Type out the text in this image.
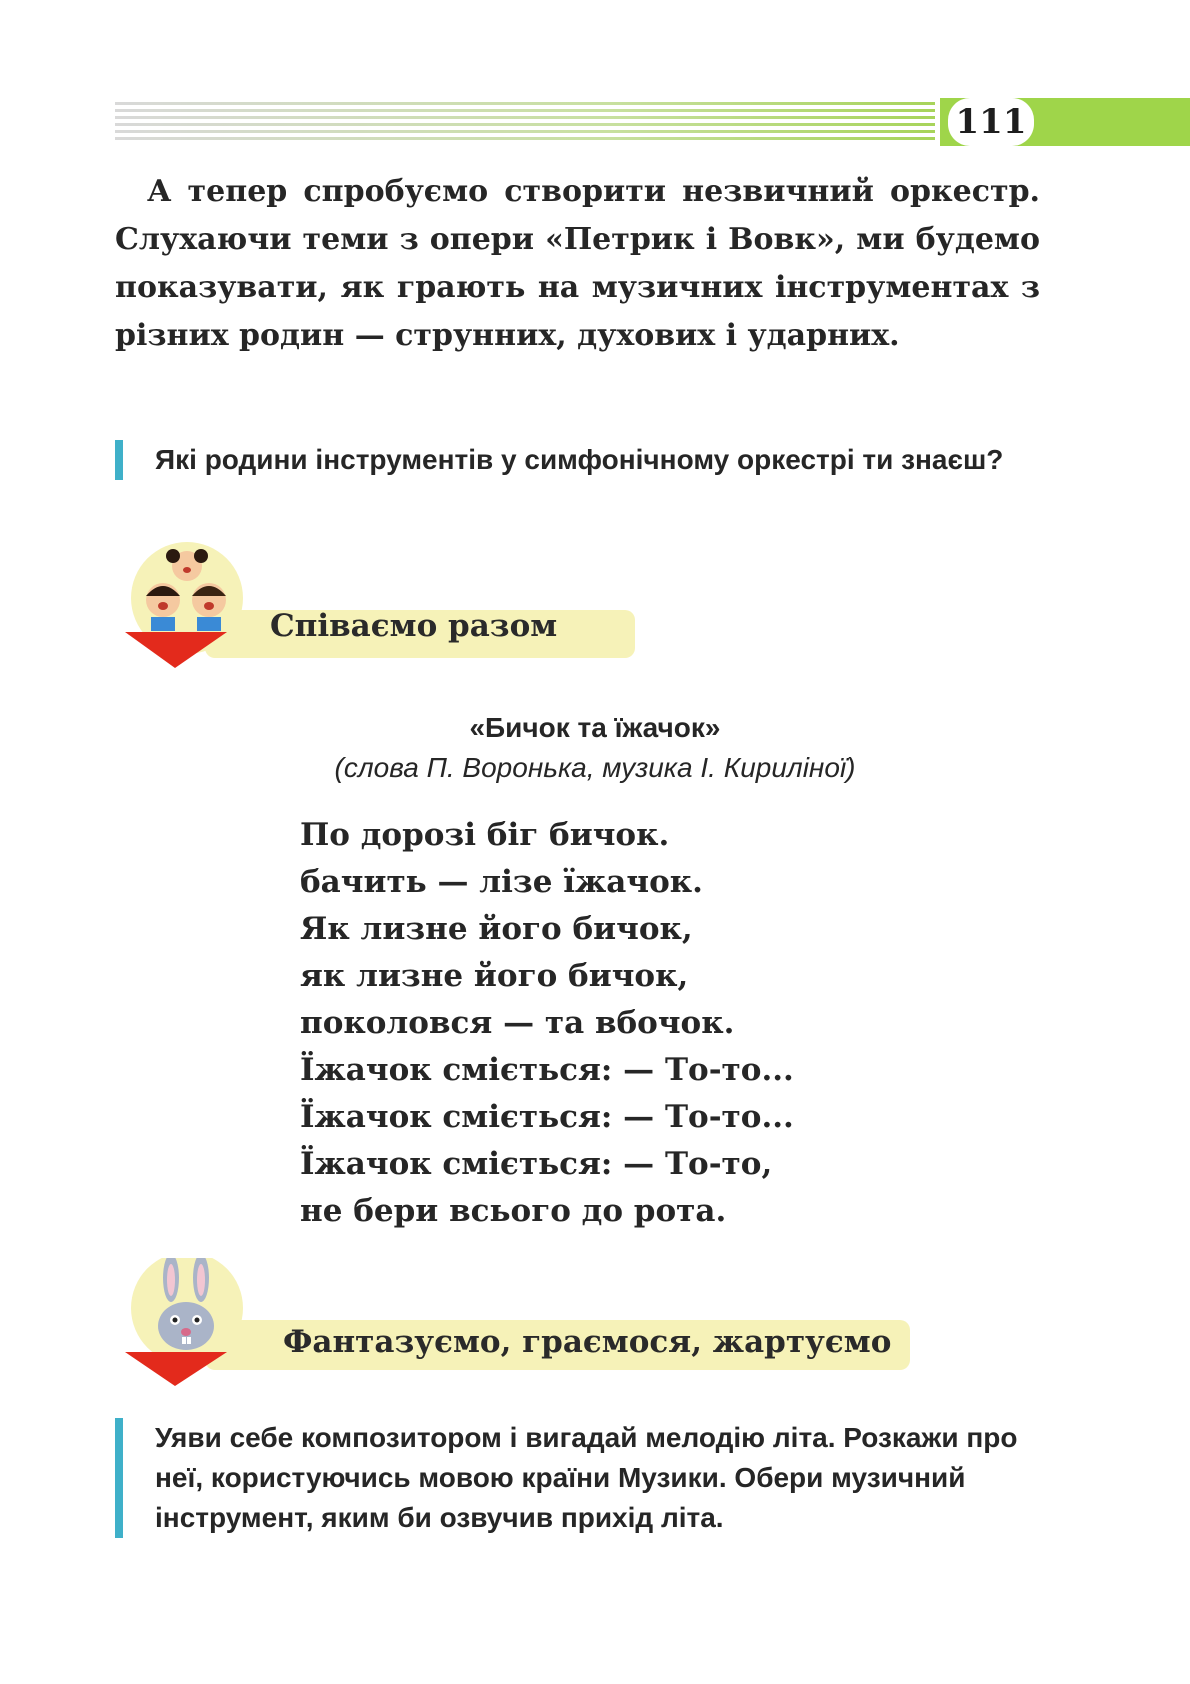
111

А тепер спробуємо створити незвичний оркестр. Слухаючи теми з опери «Петрик і Вовк», ми будемо показувати, як грають на музичних інструментах з різних родин — струнних, духових і ударних.

Які родини інструментів у симфонічному оркестрі ти знаєш?
Співаємо разом
«Бичок та їжачок»
(слова П. Воронька, музика І. Кирилiної)
По дорозі біг бичок.
бачить — лізе їжачок.
Як лизне його бичок,
як лизне його бичок,
поколовся — та вбочок.
Їжачок сміється: — То-то...
Їжачок сміється: — То-то...
Їжачок сміється: — То-то,
не бери всього до рота.
Фантазуємо, граємося, жартуємо
Уяви себе композитором і вигадай мелодію літа. Розкажи про неї, користуючись мовою країни Музики. Обери музичний інструмент, яким би озвучив прихід літа.
